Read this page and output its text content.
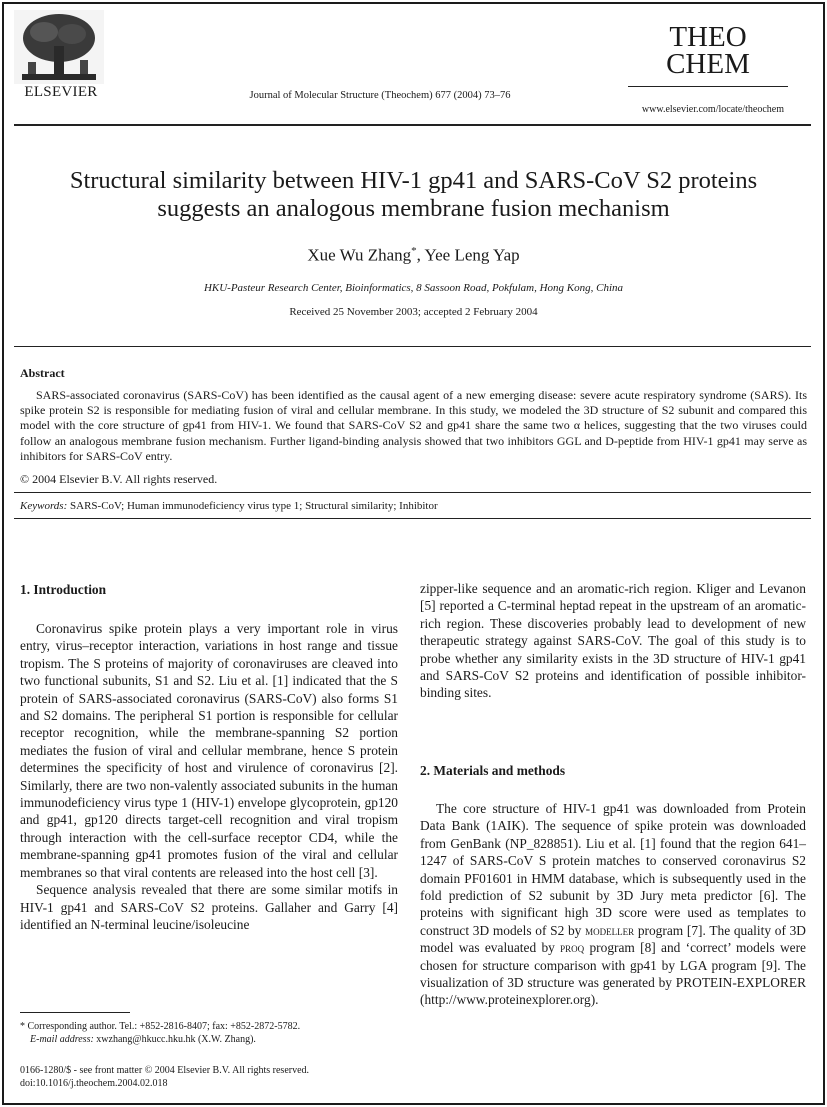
ELSEVIER	Journal of Molecular Structure (Theochem) 677 (2004) 73–76
THEO
CHEM
www.elsevier.com/locate/theochem
Structural similarity between HIV-1 gp41 and SARS-CoV S2 proteins
suggests an analogous membrane fusion mechanism
Xue Wu Zhang*, Yee Leng Yap
HKU-Pasteur Research Center, Bioinformatics, 8 Sassoon Road, Pokfulam, Hong Kong, China
Received 25 November 2003; accepted 2 February 2004
Abstract
SARS-associated coronavirus (SARS-CoV) has been identified as the causal agent of a new emerging disease: severe acute respiratory syndrome (SARS). Its spike protein S2 is responsible for mediating fusion of viral and cellular membrane. In this study, we modeled the 3D structure of S2 subunit and compared this model with the core structure of gp41 from HIV-1. We found that SARS-CoV S2 and gp41 share the same two α helices, suggesting that the two viruses could follow an analogous membrane fusion mechanism. Further ligand-binding analysis showed that two inhibitors GGL and D-peptide from HIV-1 gp41 may serve as inhibitors for SARS-CoV entry.
© 2004 Elsevier B.V. All rights reserved.
Keywords: SARS-CoV; Human immunodeficiency virus type 1; Structural similarity; Inhibitor
1. Introduction

Coronavirus spike protein plays a very important role in virus entry, virus–receptor interaction, variations in host range and tissue tropism. The S proteins of majority of coronaviruses are cleaved into two functional subunits, S1 and S2. Liu et al. [1] indicated that the S protein of SARS-associated coronavirus (SARS-CoV) also forms S1 and S2 domains. The peripheral S1 portion is responsible for cellular receptor recognition, while the membrane-spanning S2 portion mediates the fusion of viral and cellular membrane, hence S protein determines the specificity of host and virulence of coronavirus [2]. Similarly, there are two non-valently associated subunits in the human immunodeficiency virus type 1 (HIV-1) envelope glycoprotein, gp120 and gp41, gp120 directs target-cell recognition and viral tropism through interaction with the cell-surface receptor CD4, while the membrane-spanning gp41 promotes fusion of the viral and cellular membranes so that viral contents are released into the host cell [3].

Sequence analysis revealed that there are some similar motifs in HIV-1 gp41 and SARS-CoV S2 proteins. Gallaher and Garry [4] identified an N-terminal leucine/isoleucine

* Corresponding author. Tel.: +852-2816-8407; fax: +852-2872-5782.
E-mail address: xwzhang@hkucc.hku.hk (X.W. Zhang).
0166-1280/$ - see front matter © 2004 Elsevier B.V. All rights reserved.
doi:10.1016/j.theochem.2004.02.018

zipper-like sequence and an aromatic-rich region. Kliger and Levanon [5] reported a C-terminal heptad repeat in the upstream of an aromatic-rich region. These discoveries probably lead to development of new therapeutic strategy against SARS-CoV. The goal of this study is to probe whether any similarity exists in the 3D structure of HIV-1 gp41 and SARS-CoV S2 proteins and identification of possible inhibitor-binding sites.

2. Materials and methods

The core structure of HIV-1 gp41 was downloaded from Protein Data Bank (1AIK). The sequence of spike protein was downloaded from GenBank (NP_828851). Liu et al. [1] found that the region 641–1247 of SARS-CoV S protein matches to conserved coronavirus S2 domain PF01601 in HMM database, which is subsequently used in the fold prediction of S2 subunit by 3D Jury meta predictor [6]. The proteins with significant high 3D score were used as templates to construct 3D models of S2 by modeller program [7]. The quality of 3D model was evaluated by proq program [8] and ‘correct’ models were chosen for structure comparison with gp41 by LGA program [9]. The visualization of 3D structure was generated by PROTEIN-EXPLORER (http://www.proteinexplorer.org).
